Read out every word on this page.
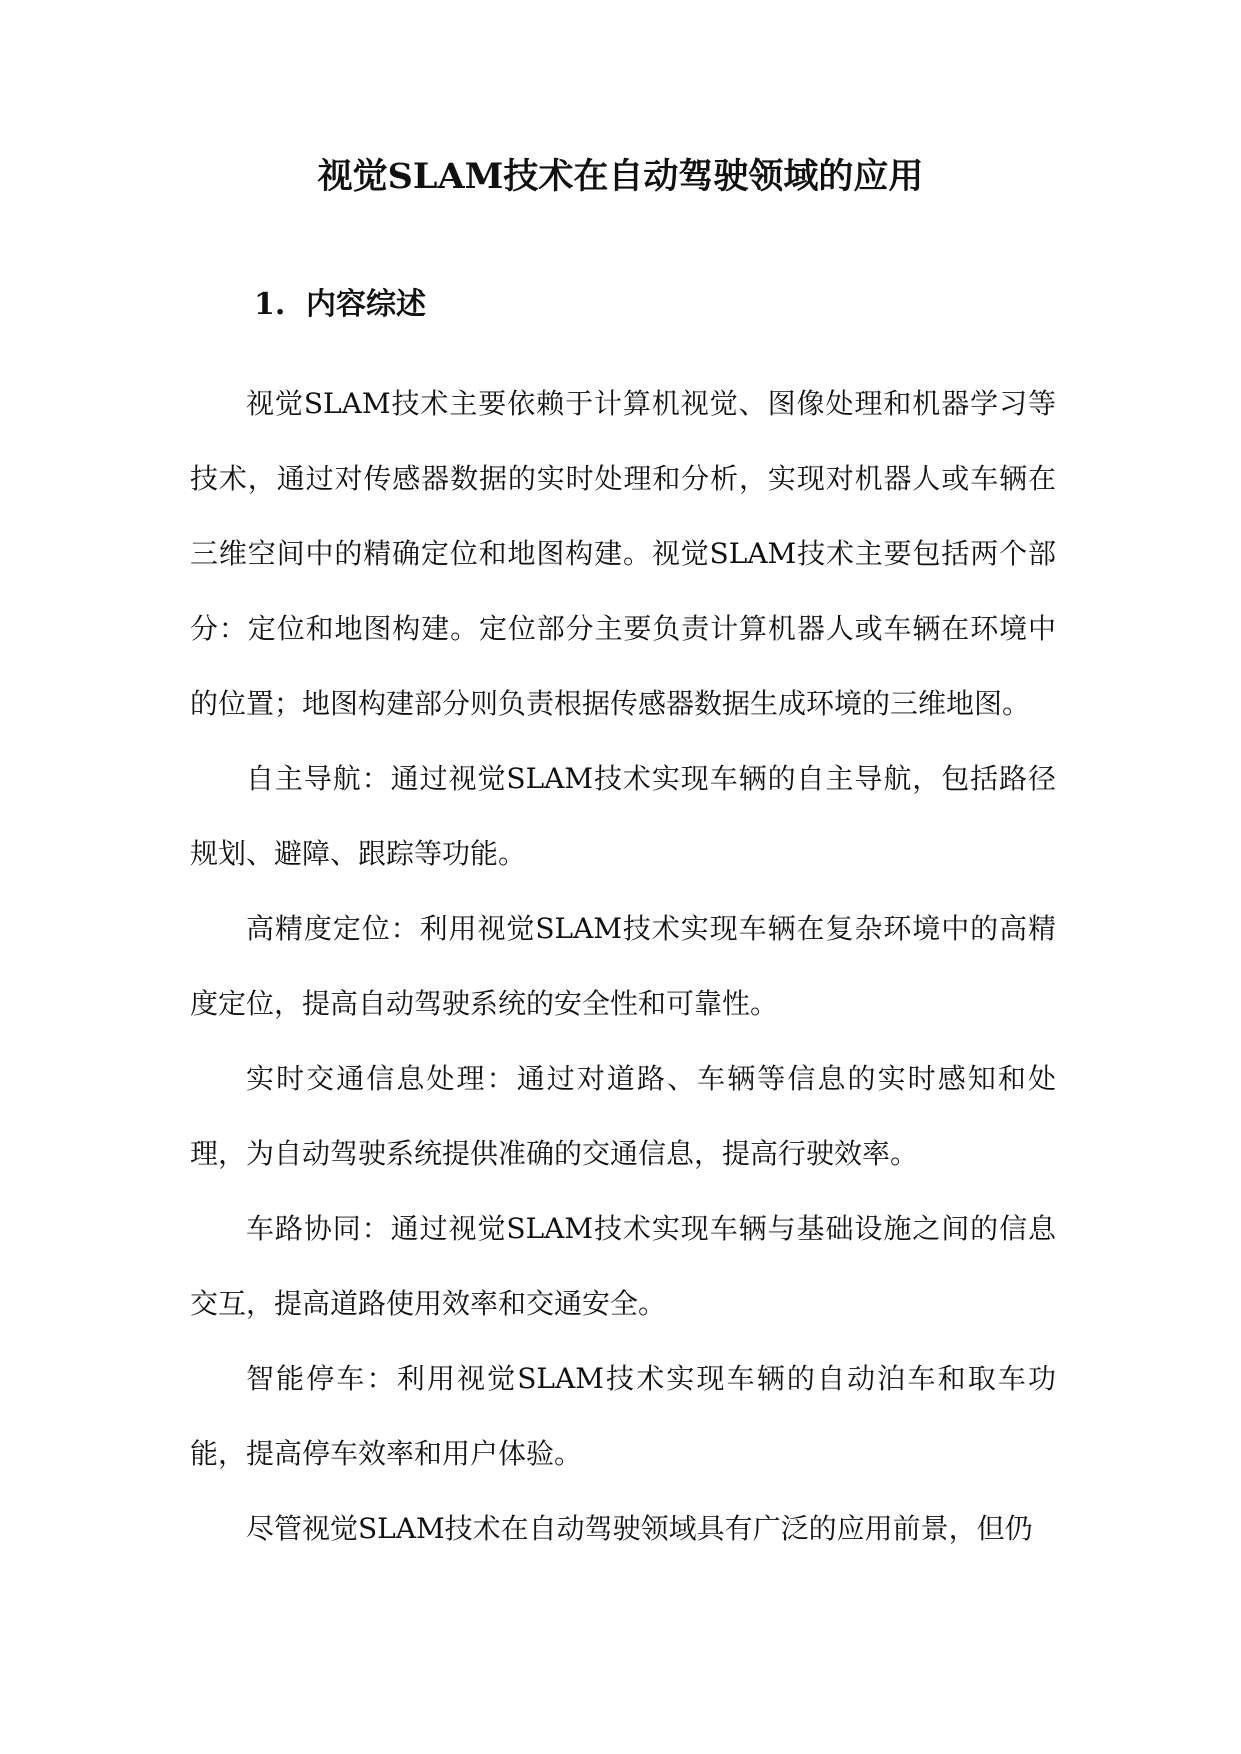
视觉SLAM技术在自动驾驶领域的应用
1. 内容综述

视觉SLAM技术主要依赖于计算机视觉、图像处理和机器学习等技术，通过对传感器数据的实时处理和分析，实现对机器人或车辆在三维空间中的精确定位和地图构建。视觉SLAM技术主要包括两个部分：定位和地图构建。定位部分主要负责计算机器人或车辆在环境中的位置；地图构建部分则负责根据传感器数据生成环境的三维地图。

自主导航：通过视觉SLAM技术实现车辆的自主导航，包括路径规划、避障、跟踪等功能。

高精度定位：利用视觉SLAM技术实现车辆在复杂环境中的高精度定位，提高自动驾驶系统的安全性和可靠性。

实时交通信息处理：通过对道路、车辆等信息的实时感知和处理，为自动驾驶系统提供准确的交通信息，提高行驶效率。

车路协同：通过视觉SLAM技术实现车辆与基础设施之间的信息交互，提高道路使用效率和交通安全。

智能停车：利用视觉SLAM技术实现车辆的自动泊车和取车功能，提高停车效率和用户体验。

尽管视觉SLAM技术在自动驾驶领域具有广泛的应用前景，但仍
